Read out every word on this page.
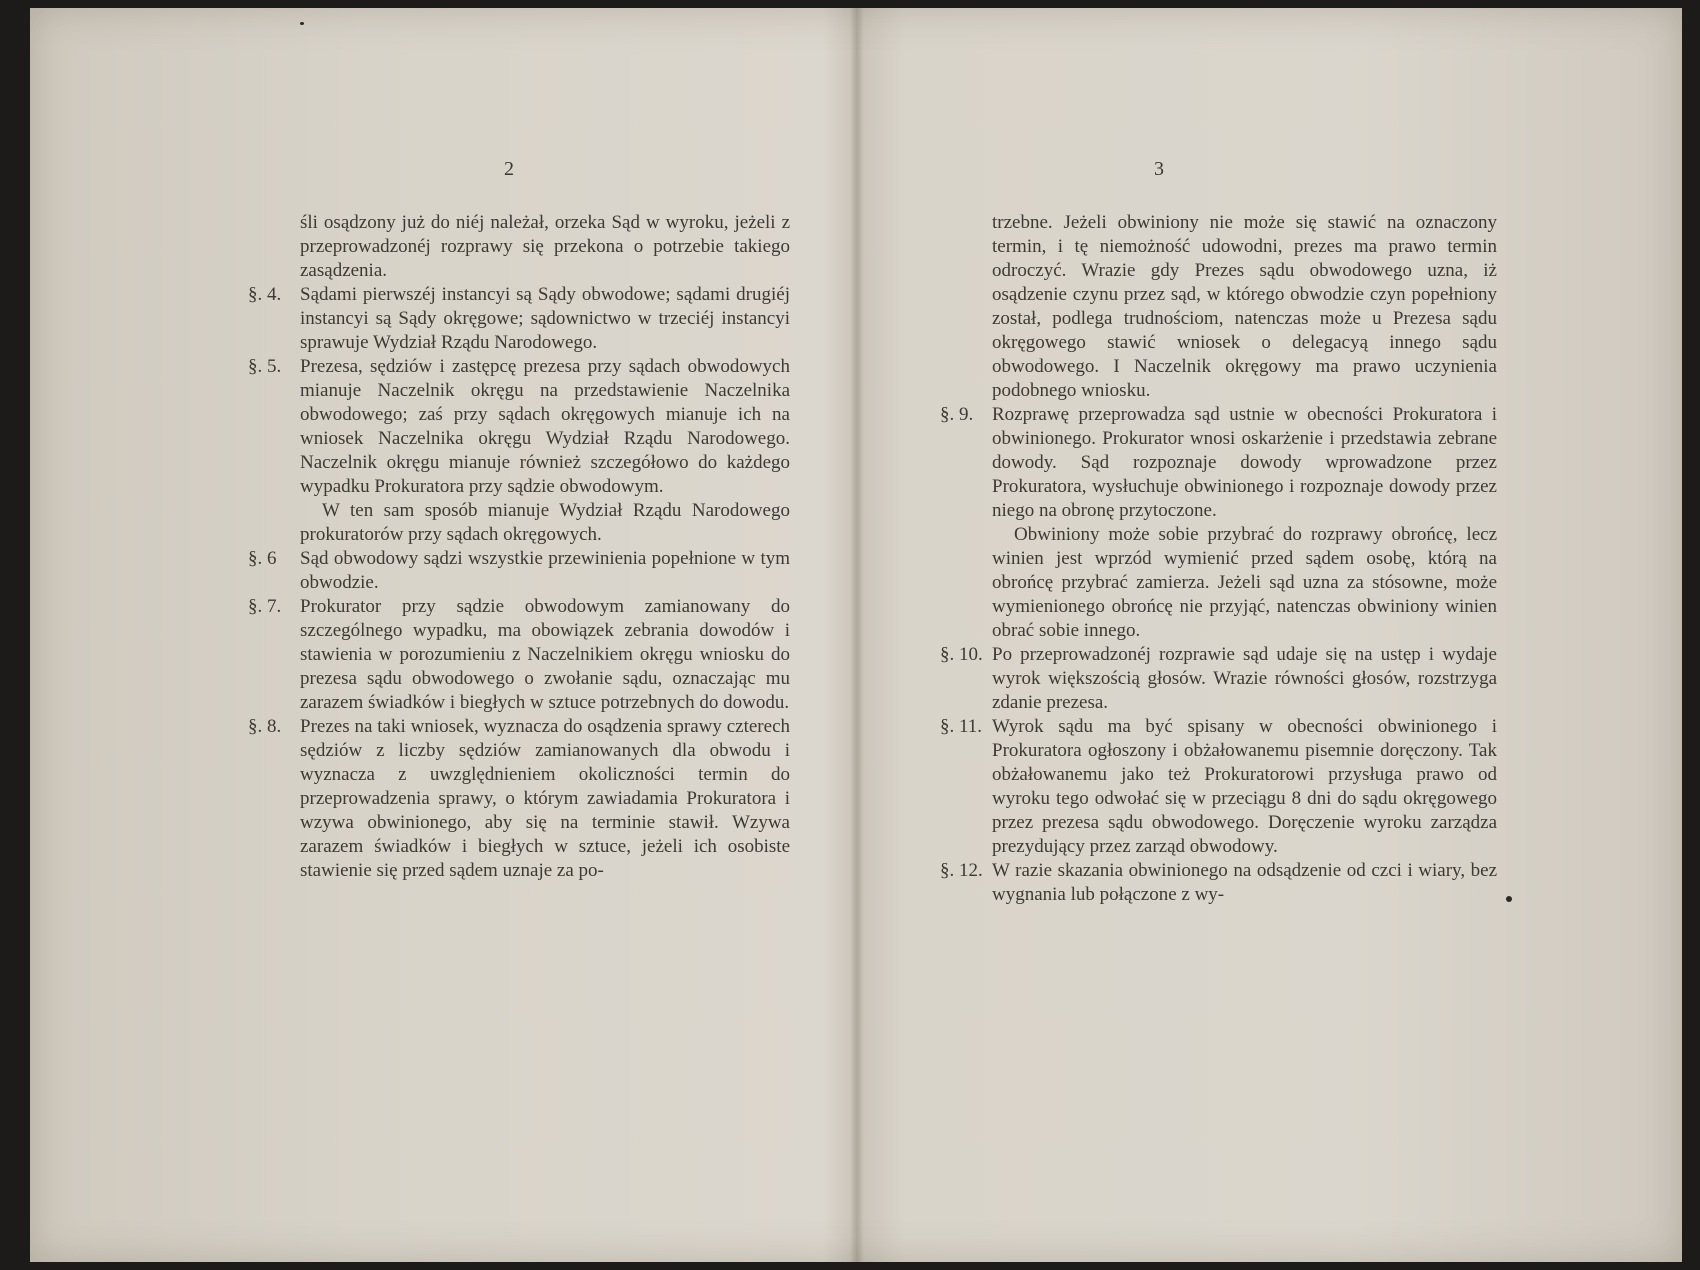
2
śli osądzony już do niéj należał, orzeka Sąd w wyroku, jeżeli z przeprowadzonéj rozprawy się przekona o potrzebie takiego zasądzenia.
§. 4. Sądami pierwszéj instancyi są Sądy obwodowe; sądami drugiéj instancyi są Sądy okręgowe; sądownictwo w trzeciéj instancyi sprawuje Wydział Rządu Narodowego.
§. 5. Prezesa, sędziów i zastępcę prezesa przy sądach obwodowych mianuje Naczelnik okręgu na przedstawienie Naczelnika obwodowego; zaś przy sądach okręgowych mianuje ich na wniosek Naczelnika okręgu Wydział Rządu Narodowego. Naczelnik okręgu mianuje również szczegółowo do każdego wypadku Prokuratora przy sądzie obwodowym.
W ten sam sposób mianuje Wydział Rządu Narodowego prokuratorów przy sądach okręgowych.
§. 6	Sąd obwodowy sądzi wszystkie przewinienia popełnione w tym obwodzie.
§. 7. Prokurator przy sądzie obwodowym zamianowany do szczególnego wypadku, ma obowiązek zebrania dowodów i stawienia w porozumieniu z Naczelnikiem okręgu wniosku do prezesa sądu obwodowego o zwołanie sądu, oznaczając mu zarazem świadków i biegłych w sztuce potrzebnych do dowodu.
§. 8. Prezes na taki wniosek, wyznacza do osądzenia sprawy czterech sędziów z liczby sędziów zamianowanych dla obwodu i wyznacza z uwzględnieniem okoliczności termin do przeprowadzenia sprawy, o którym zawiadamia Prokuratora i wzywa obwinionego, aby się na terminie stawił. Wzywa zarazem świadków i biegłych w sztuce, jeżeli ich osobiste stawienie się przed sądem uznaje za po-
3
trzebne. Jeżeli obwiniony nie może się stawić na oznaczony termin, i tę niemożność udowodni, prezes ma prawo termin odroczyć. Wrazie gdy Prezes sądu obwodowego uzna, iż osądzenie czynu przez sąd, w którego obwodzie czyn popełniony został, podlega trudnościom, natenczas może u Prezesa sądu okręgowego stawić wniosek o delegacyą innego sądu obwodowego. I Naczelnik okręgowy ma prawo uczynienia podobnego wniosku.
§. 9. Rozprawę przeprowadza sąd ustnie w obecności Prokuratora i obwinionego. Prokurator wnosi oskarżenie i przedstawia zebrane dowody. Sąd rozpoznaje dowody wprowadzone przez Prokuratora, wysłuchuje obwinionego i rozpoznaje dowody przez niego na obronę przytoczone.
Obwiniony może sobie przybrać do rozprawy obrońcę, lecz winien jest wprzód wymienić przed sądem osobę, którą na obrońcę przybrać zamierza. Jeżeli sąd uzna za stósowne, może wymienionego obrońcę nie przyjąć, natenczas obwiniony winien obrać sobie innego.
§. 10. Po przeprowadzonéj rozprawie sąd udaje się na ustęp i wydaje wyrok większością głosów. Wrazie równości głosów, rozstrzyga zdanie prezesa.
§. 11. Wyrok sądu ma być spisany w obecności obwinionego i Prokuratora ogłoszony i obżałowanemu pisemnie doręczony. Tak obżałowanemu jako też Prokuratorowi przysługa prawo od wyroku tego odwołać się w przeciągu 8 dni do sądu okręgowego przez prezesa sądu obwodowego. Doręczenie wyroku zarządza prezydujący przez zarząd obwodowy.
§. 12. W razie skazania obwinionego na odsądzenie od czci i wiary, bez wygnania lub połączone z wy-
